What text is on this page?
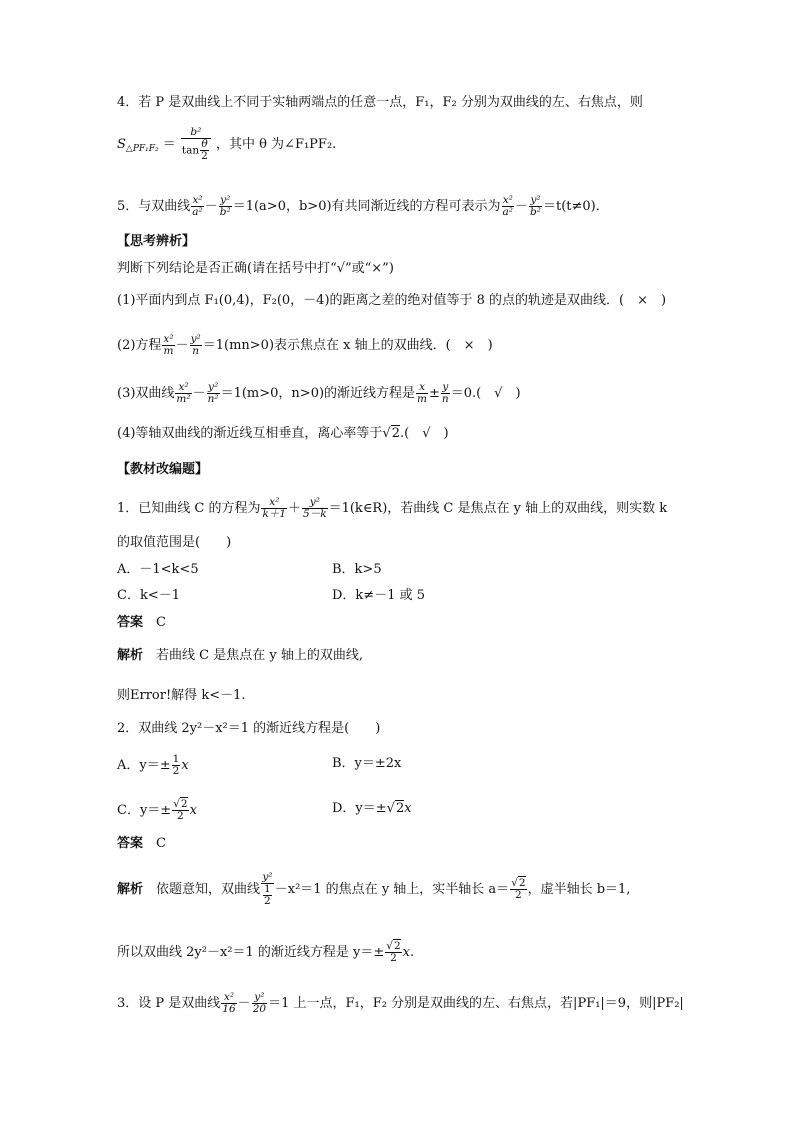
4．若 P 是双曲线上不同于实轴两端点的任意一点，F₁，F₂ 分别为双曲线的左、右焦点，则
$S_{\triangle PF_1F_2} = \frac{\text{b²}}{\tan \frac{\theta}{2}}$ ，其中 θ 为∠F₁PF₂.
5．与双曲线 $\frac{\text{x²}}{\text{a²}} - \frac{\text{y²}}{\text{b²}} =1(a>0$，b>0)有共同渐近线的方程可表示为 $\frac{\text{x²}}{\text{a²}} - \frac{\text{y²}}{\text{b²}} =t(t\ne 0)$．
【思考辨析】
判断下列结论是否正确(请在括号中打“√”或“×”)
(1)平面内到点 F₁(0,4)，F₂(0，－4)的距离之差的绝对值等于 8 的点的轨迹是双曲线．(　×　)
(2)方程 $\frac{\text{x²}}{m} - \frac{\text{y²}}{n} =1(mn>0)$表示焦点在 x 轴上的双曲线．(　×　)
(3)双曲线 $\frac{\text{x²}}{\text{m²}} - \frac{\text{y²}}{\text{n²}} =1(m>0$，n>0)的渐近线方程是 $\frac{x}{m} \pm \frac{y}{n} =0$.(　√　)
(4)等轴双曲线的渐近线互相垂直，离心率等于√2.(　√　)
【教材改编题】
1．已知曲线 C 的方程为 $\frac{\text{x²}}{k+1} + \frac{\text{y²}}{5-k}$ ＝1(k∈R)，若曲线 C 是焦点在 y 轴上的双曲线，则实数 k
的取值范围是(　　)
A．－1<k<5	B．k>5
C．k<－1	D．k≠－1 或 5
答案　 C
解析　 若曲线 C 是焦点在 y 轴上的双曲线,
则Error!解得 k<－1.
2．双曲线 2y²－x²＝1 的渐近线方程是(　　)
A．$y=\pm \frac{1}{2}$ x	B．y＝±2x
C．$y=\pm \frac{√2}{2}$ x	D．y＝±√2x
答案　 C
解析　 依题意知，双曲线 y²
1
2 －x²＝1 的焦点在 y 轴上，实半轴长 $a= \frac{√2}{2}$ ，虚半轴长 b＝1,
所以双曲线 2y²－x²＝1 的渐近线方程是 $y=\pm \frac{√2}{2} x$.
3．设 P 是双曲线 $\frac{\text{x²}}{16} - \frac{\text{y²}}{20} =1$ 上一点，F₁，F₂ 分别是双曲线的左、右焦点，若|PF₁|＝9，则|PF₂|
